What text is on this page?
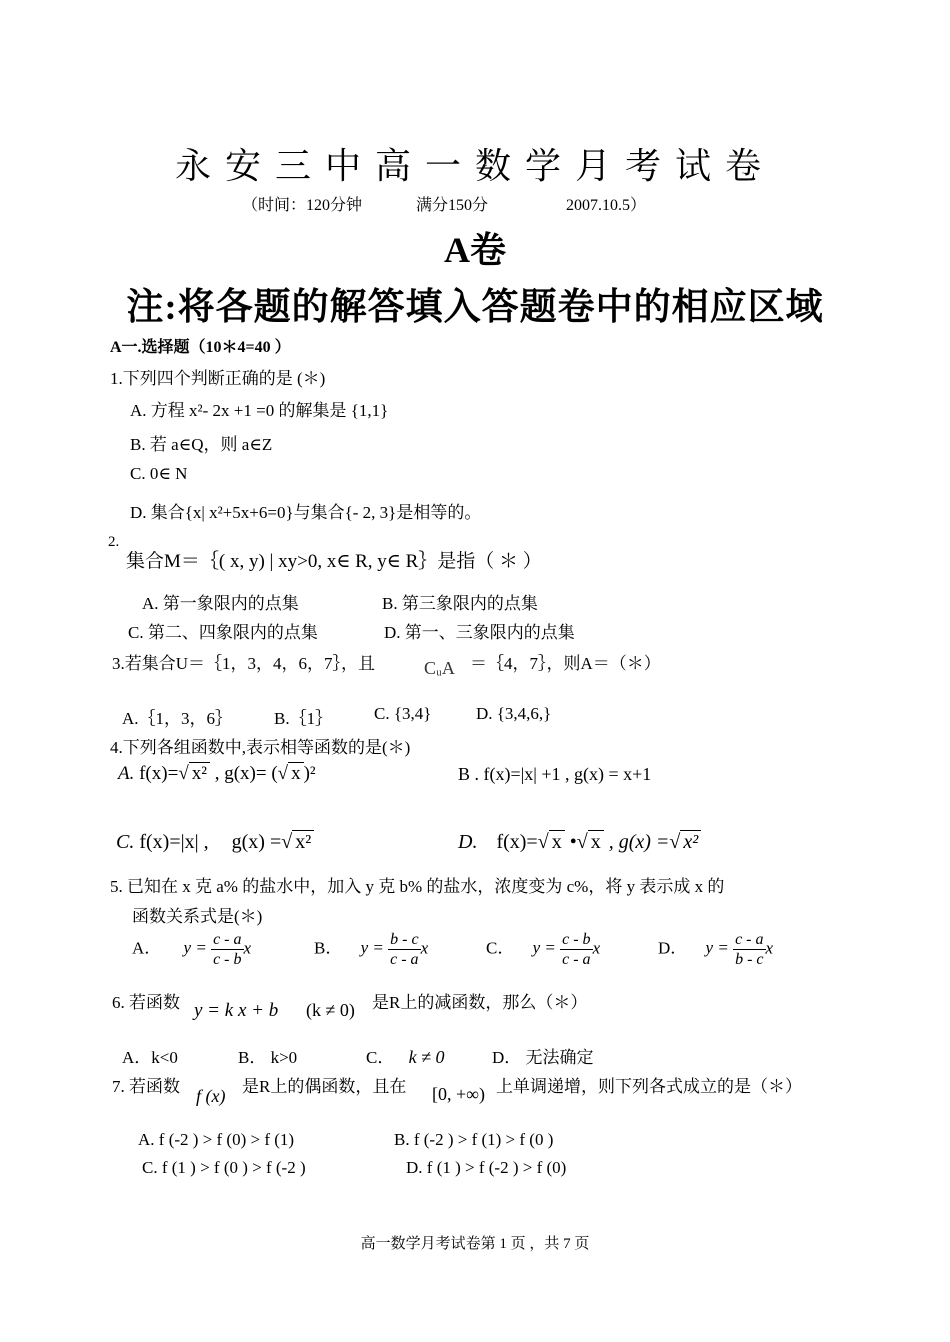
永安三中高一数学月考试卷
（时间：120分钟	满分150分	2007.10.5）
A卷
注:将各题的解答填入答题卷中的相应区域
A一.选择题（10＊4=40 ）
1.下列四个判断正确的是 (＊)
A. 方程 x²- 2x +1 =0 的解集是 {1,1}
B. 若 a∈Q，则 a∈Z
C. 0∈ N
D. 集合{x| x²+5x+6=0}与集合{- 2, 3}是相等的。
2.
集合M＝｛( x, y) | xy>0, x∈ R, y∈ R｝是指（ ＊ ）
A. 第一象限内的点集	B. 第三象限内的点集
C. 第二、四象限内的点集	D. 第一、三象限内的点集
3.若集合U＝｛1，3，4，6，7｝，且	CᵤA ＝｛4，7｝，则A＝（＊）
A.｛1，3，6｝ B.｛1｝ C. {3,4}	D. {3,4,6,}
4.下列各组函数中,表示相等函数的是(＊)
A. f(x)=√ x² , g(x)= (√ x )²	B . f(x)=|x| +1 , g(x) = x+1
C. f(x)=|x| , g(x) =√ x²	D. f(x)=√ x •√ x , g(x) =√ x²
5. 已知在 x 克 a% 的盐水中，加入 y 克 b% 的盐水，浓度变为 c%，将 y 表示成 x 的
函数关系式是(＊)
A． $y = \frac{c - a}{c - b}$ x	B． $y = \frac{b - c}{c - a}$ x	C． $y = \frac{c - b}{c - a}$ x	D． $y = \frac{c - a}{b - c}$ x
6. 若函数 y = k x + b (k ≠ 0) 是R上的减函数，那么（＊）
A．k<0	B． k>0	C． k ≠ 0	D． 无法确定
7. 若函数 f (x) 是R上的偶函数，且在 [0, +∞) 上单调递增，则下列各式成立的是（＊）
A. f (-2 ) > f (0) > f (1)	B. f (-2 ) > f (1) > f (0 )
C. f (1 ) > f (0 ) > f (-2 )	D. f (1 ) > f (-2 ) > f (0)
高一数学月考试卷第 1 页 ，共 7 页
